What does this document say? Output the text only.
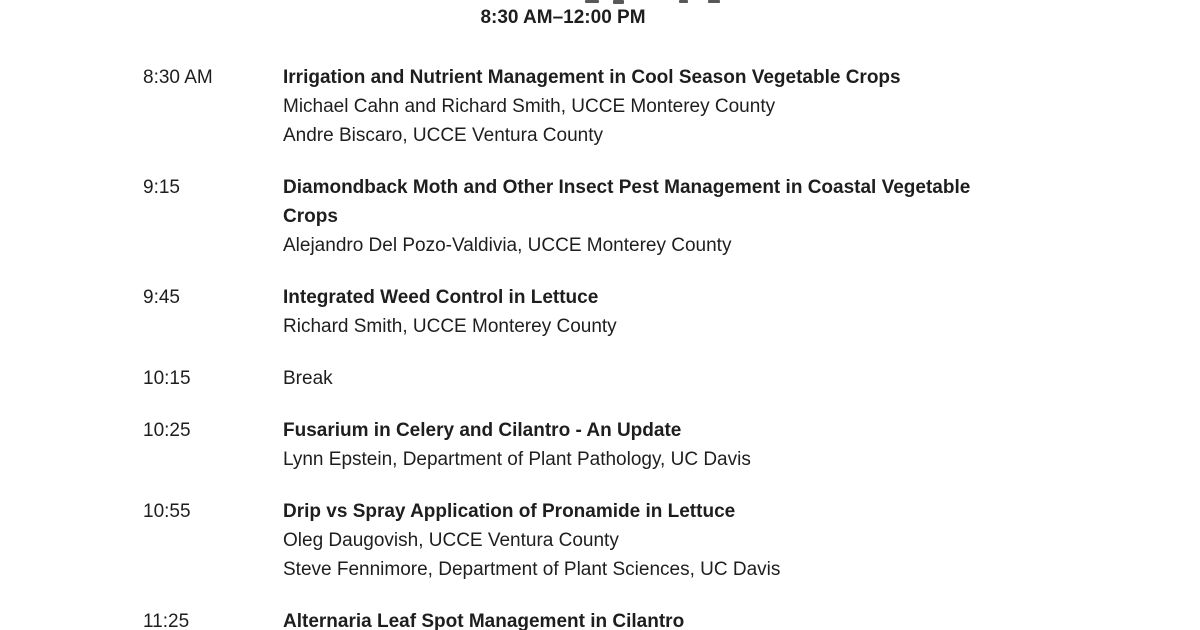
8:30 AM–12:00 PM
8:30 AM	Irrigation and Nutrient Management in Cool Season Vegetable Crops
Michael Cahn and Richard Smith, UCCE Monterey County
Andre Biscaro, UCCE Ventura County
9:15	Diamondback Moth and Other Insect Pest Management in Coastal Vegetable
Crops
Alejandro Del Pozo-Valdivia, UCCE Monterey County
9:45	Integrated Weed Control in Lettuce
Richard Smith, UCCE Monterey County
10:15	Break
10:25	Fusarium in Celery and Cilantro - An Update
Lynn Epstein, Department of Plant Pathology, UC Davis
10:55	Drip vs Spray Application of Pronamide in Lettuce
Oleg Daugovish, UCCE Ventura County
Steve Fennimore, Department of Plant Sciences, UC Davis
11:25	Alternaria Leaf Spot Management in Cilantro
